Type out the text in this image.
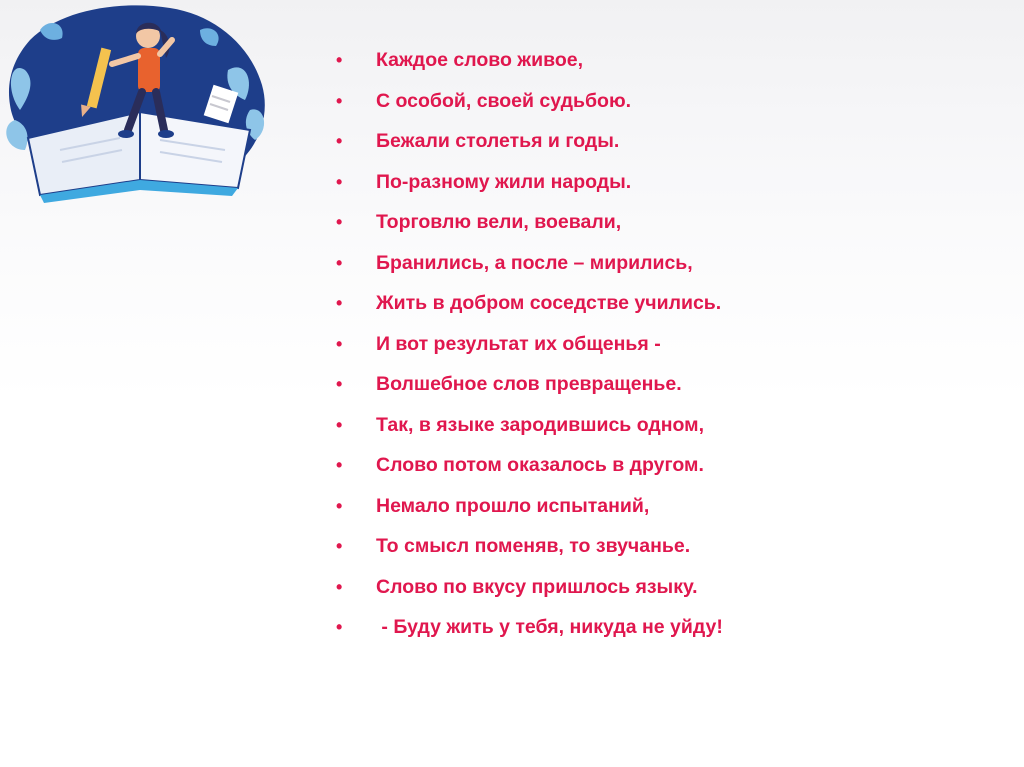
• Каждое слово живое,
• С особой, своей судьбою.
• Бежали столетья и годы.
• По-разному жили народы.
• Торговлю вели, воевали,
• Бранились, а после – мирились,
• Жить в добром соседстве учились.
• И вот результат их общенья -
• Волшебное слов превращенье.
• Так, в языке зародившись одном,
• Слово потом оказалось в другом.
• Немало прошло испытаний,
• То смысл поменяв, то звучанье.
• Слово по вкусу пришлось языку.
• - Буду жить у тебя, никуда не уйду!
